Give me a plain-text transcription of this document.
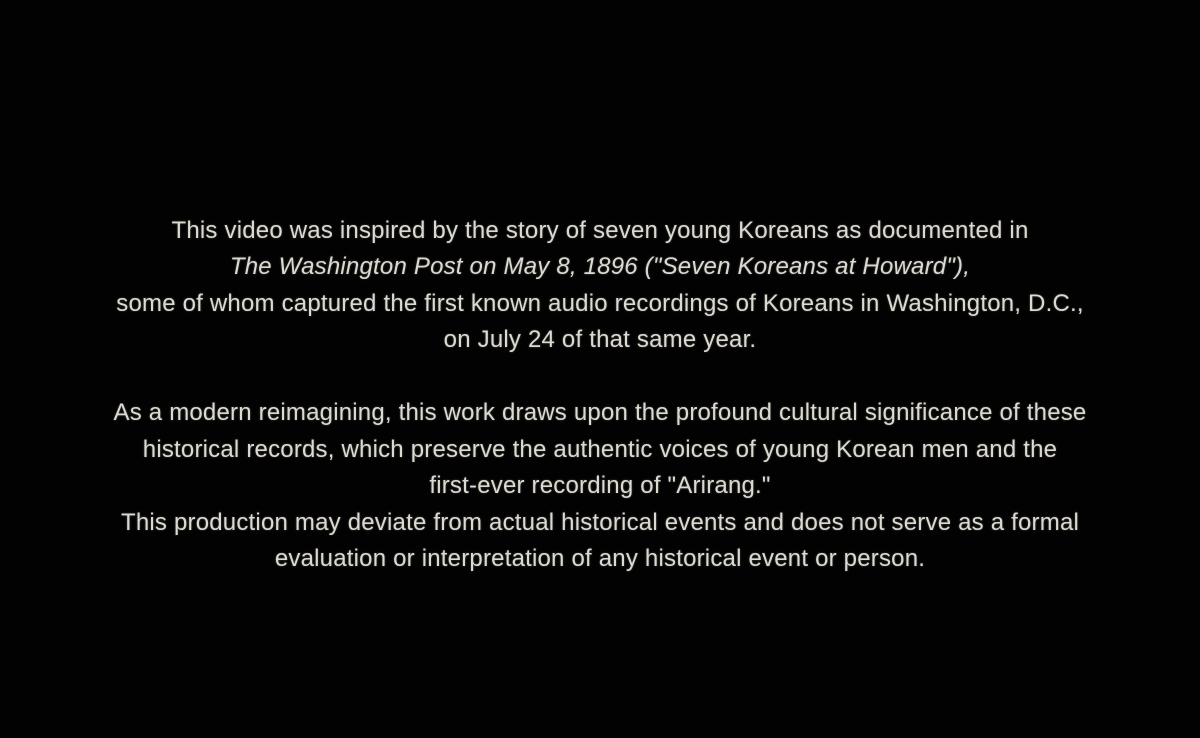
This video was inspired by the story of seven young Koreans as documented in
The Washington Post on May 8, 1896 ("Seven Koreans at Howard"),
some of whom captured the first known audio recordings of Koreans in Washington, D.C.,
on July 24 of that same year.

As a modern reimagining, this work draws upon the profound cultural significance of these
historical records, which preserve the authentic voices of young Korean men and the
first-ever recording of "Arirang."
This production may deviate from actual historical events and does not serve as a formal
evaluation or interpretation of any historical event or person.
